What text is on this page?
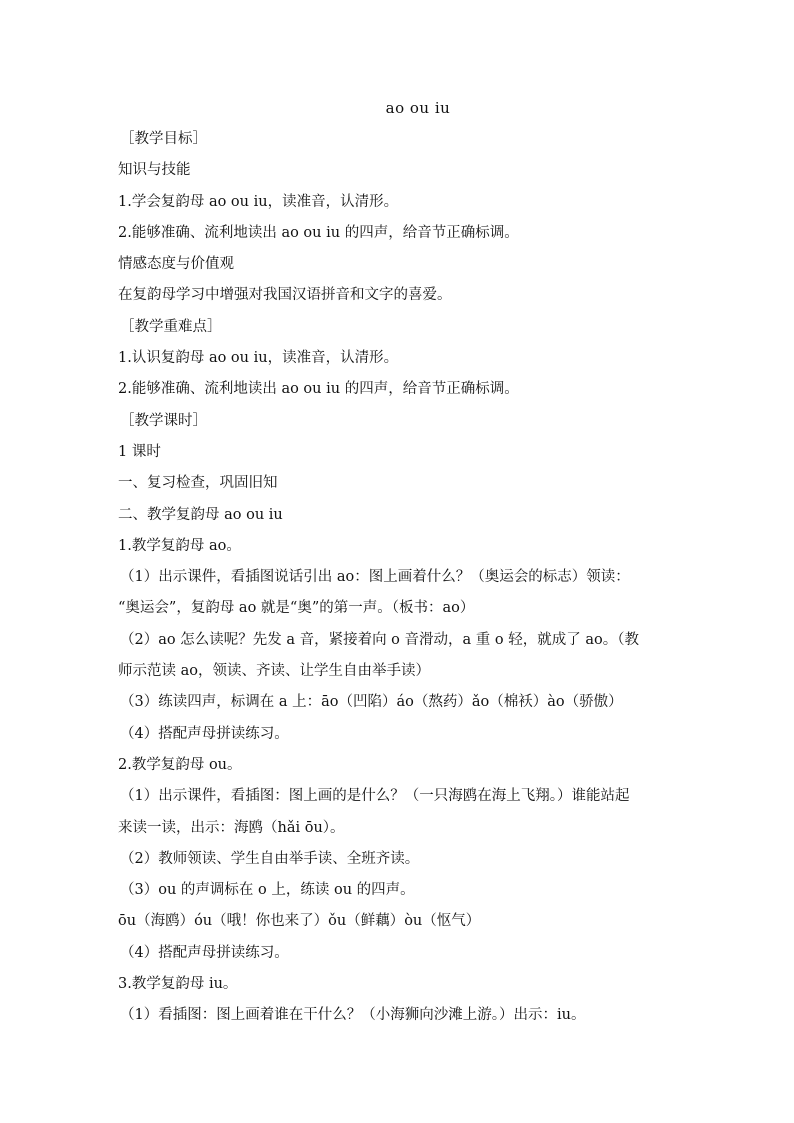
ao ou iu
［教学目标］
知识与技能
1.学会复韵母 ao ou iu，读准音，认清形。
2.能够准确、流利地读出 ao ou iu 的四声，给音节正确标调。
情感态度与价值观
在复韵母学习中增强对我国汉语拼音和文字的喜爱。
［教学重难点］
1.认识复韵母 ao ou iu，读准音，认清形。
2.能够准确、流利地读出 ao ou iu 的四声，给音节正确标调。
［教学课时］
1 课时
一、复习检查，巩固旧知
二、教学复韵母 ao ou iu
1.教学复韵母 ao。
（1）出示课件，看插图说话引出 ao：图上画着什么？（奥运会的标志）领读：
“奥运会”，复韵母 ao 就是“奥”的第一声。（板书：ao）
（2）ao 怎么读呢？先发 a 音，紧接着向 o 音滑动，a 重 o 轻，就成了 ao。（教
师示范读 ao，领读、齐读、让学生自由举手读）
（3）练读四声，标调在 a 上：āo（凹陷）áo（熬药）ǎo（棉袄）ào（骄傲）
（4）搭配声母拼读练习。
2.教学复韵母 ou。
（1）出示课件，看插图：图上画的是什么？（一只海鸥在海上飞翔。）谁能站起
来读一读，出示：海鸥（hǎi ōu）。
（2）教师领读、学生自由举手读、全班齐读。
（3）ou 的声调标在 o 上，练读 ou 的四声。
ōu（海鸥）óu（哦！你也来了）ǒu（鲜藕）òu（怄气）
（4）搭配声母拼读练习。
3.教学复韵母 iu。
（1）看插图：图上画着谁在干什么？（小海狮向沙滩上游。）出示：iu。
